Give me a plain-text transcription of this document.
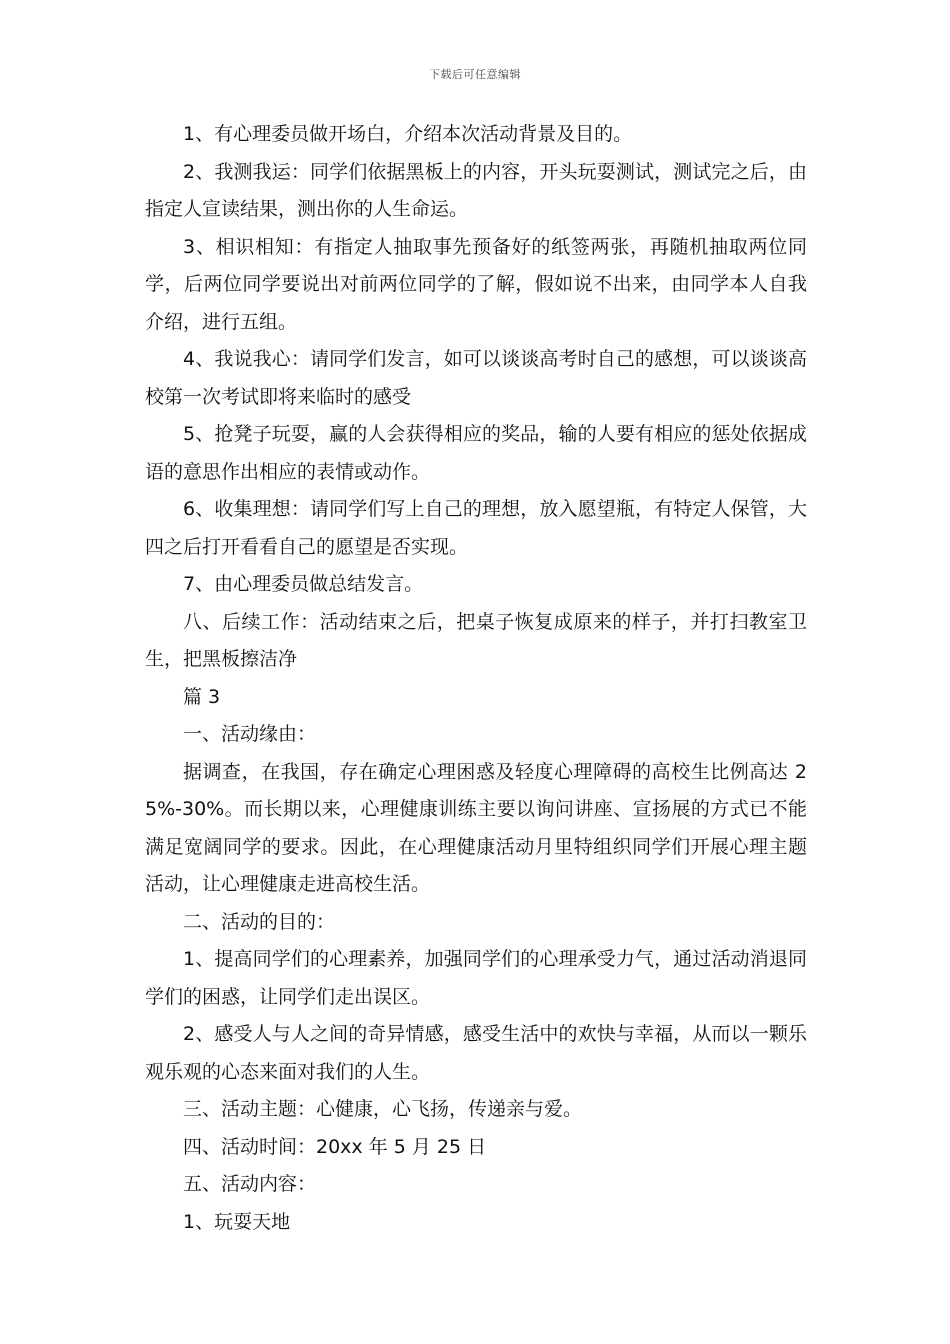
下载后可任意编辑

1、有心理委员做开场白，介绍本次活动背景及目的。

2、我测我运：同学们依据黑板上的内容，开头玩耍测试，测试完之后，由指定人宣读结果，测出你的人生命运。

3、相识相知：有指定人抽取事先预备好的纸签两张，再随机抽取两位同学，后两位同学要说出对前两位同学的了解，假如说不出来，由同学本人自我介绍，进行五组。

4、我说我心：请同学们发言，如可以谈谈高考时自己的感想，可以谈谈高校第一次考试即将来临时的感受

5、抢凳子玩耍，赢的人会获得相应的奖品，输的人要有相应的惩处依据成语的意思作出相应的表情或动作。

6、收集理想：请同学们写上自己的理想，放入愿望瓶，有特定人保管，大四之后打开看看自己的愿望是否实现。

7、由心理委员做总结发言。

八、后续工作：活动结束之后，把桌子恢复成原来的样子，并打扫教室卫生，把黑板擦洁净

篇 3

一、活动缘由：

据调查，在我国，存在确定心理困惑及轻度心理障碍的高校生比例高达 25%-30%。而长期以来，心理健康训练主要以询问讲座、宣扬展的方式已不能满足宽阔同学的要求。因此，在心理健康活动月里特组织同学们开展心理主题活动，让心理健康走进高校生活。

二、活动的目的：

1、提高同学们的心理素养，加强同学们的心理承受力气，通过活动消退同学们的困惑，让同学们走出误区。

2、感受人与人之间的奇异情感，感受生活中的欢快与幸福，从而以一颗乐观乐观的心态来面对我们的人生。

三、活动主题：心健康，心飞扬，传递亲与爱。

四、活动时间：20xx 年 5 月 25 日

五、活动内容：

1、玩耍天地
